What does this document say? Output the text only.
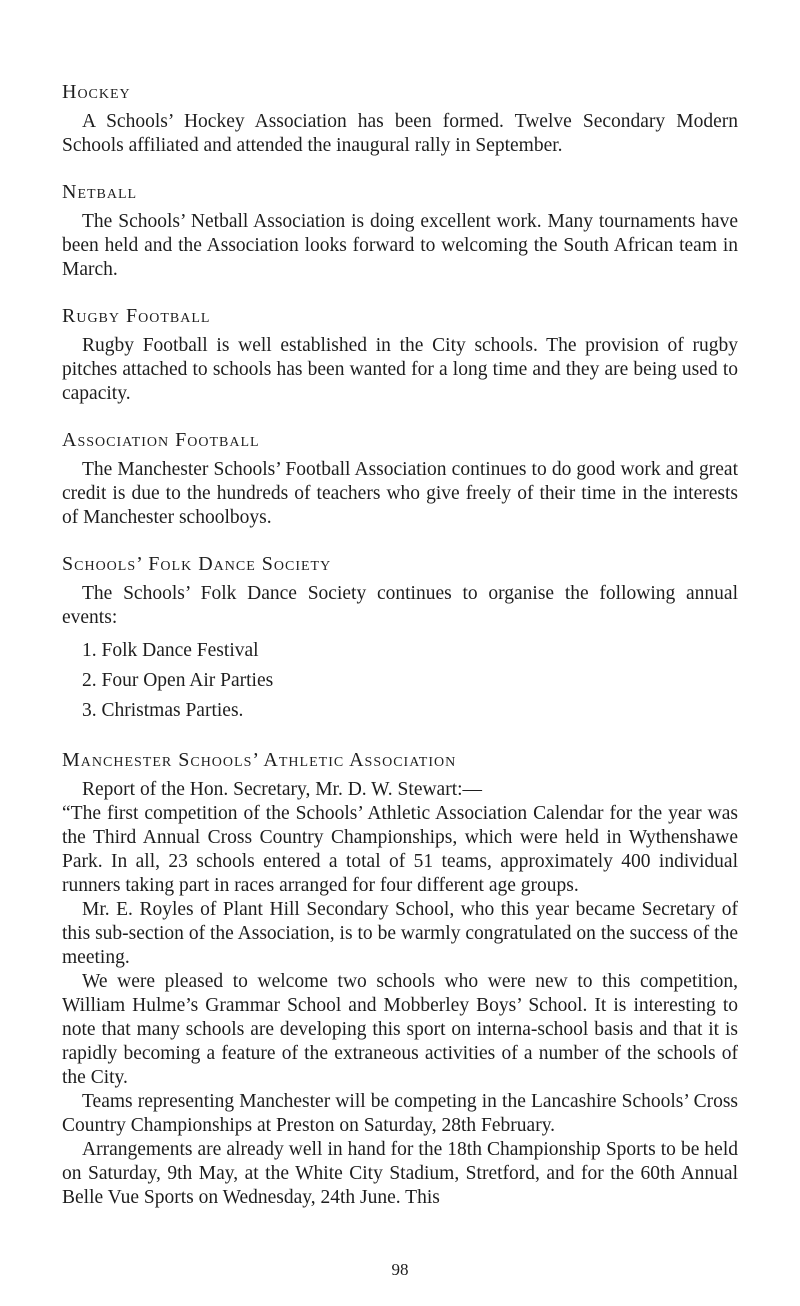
Hockey

A Schools’ Hockey Association has been formed. Twelve Secondary Modern Schools affiliated and attended the inaugural rally in September.

Netball

The Schools’ Netball Association is doing excellent work. Many tournaments have been held and the Association looks forward to welcoming the South African team in March.

Rugby Football

Rugby Football is well established in the City schools. The provision of rugby pitches attached to schools has been wanted for a long time and they are being used to capacity.

Association Football

The Manchester Schools’ Football Association continues to do good work and great credit is due to the hundreds of teachers who give freely of their time in the interests of Manchester schoolboys.

Schools’ Folk Dance Society

The Schools’ Folk Dance Society continues to organise the following annual events:

1. Folk Dance Festival
2. Four Open Air Parties
3. Christmas Parties.
Manchester Schools’ Athletic Association

Report of the Hon. Secretary, Mr. D. W. Stewart:—

“The first competition of the Schools’ Athletic Association Calendar for the year was the Third Annual Cross Country Championships, which were held in Wythenshawe Park. In all, 23 schools entered a total of 51 teams, approximately 400 individual runners taking part in races arranged for four different age groups.

Mr. E. Royles of Plant Hill Secondary School, who this year became Secretary of this sub-section of the Association, is to be warmly congratulated on the success of the meeting.

We were pleased to welcome two schools who were new to this competition, William Hulme’s Grammar School and Mobberley Boys’ School. It is interesting to note that many schools are developing this sport on interna-school basis and that it is rapidly becoming a feature of the extraneous activities of a number of the schools of the City.

Teams representing Manchester will be competing in the Lancashire Schools’ Cross Country Championships at Preston on Saturday, 28th February.

Arrangements are already well in hand for the 18th Championship Sports to be held on Saturday, 9th May, at the White City Stadium, Stretford, and for the 60th Annual Belle Vue Sports on Wednesday, 24th June. This

98
